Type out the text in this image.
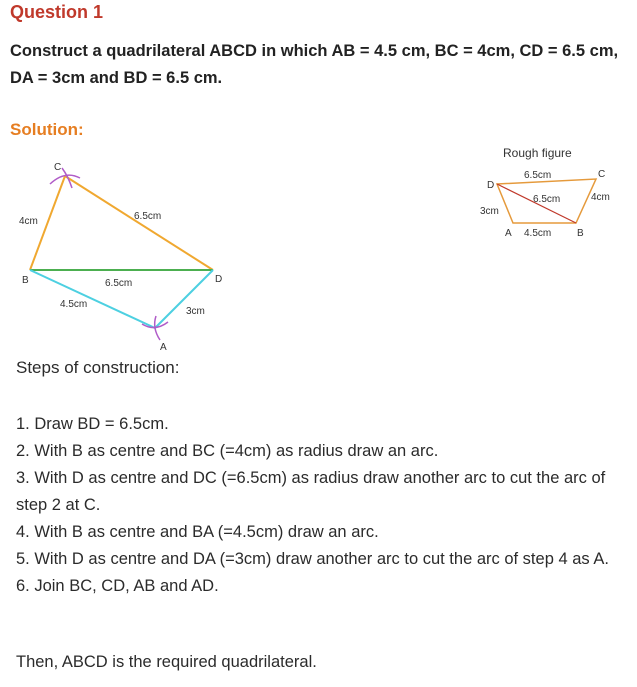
Question 1
Construct a quadrilateral ABCD in which AB = 4.5 cm, BC = 4cm, CD = 6.5 cm, DA = 3cm and BD = 6.5 cm.
Solution:
C
B	D
A
4cm	6.5cm
6.5cm
4.5cm
3cm
Rough figure
D
C
B
A
6.5cm
6.5cm	4cm
3cm
4.5cm
Steps of construction:
1. Draw BD = 6.5cm.
2. With B as centre and BC (=4cm) as radius draw an arc.
3. With D as centre and DC (=6.5cm) as radius draw another arc to cut the arc of step 2 at C.
4. With B as centre and BA (=4.5cm) draw an arc.
5. With D as centre and DA (=3cm) draw another arc to cut the arc of step 4 as A.
6. Join BC, CD, AB and AD.
Then, ABCD is the required quadrilateral.
